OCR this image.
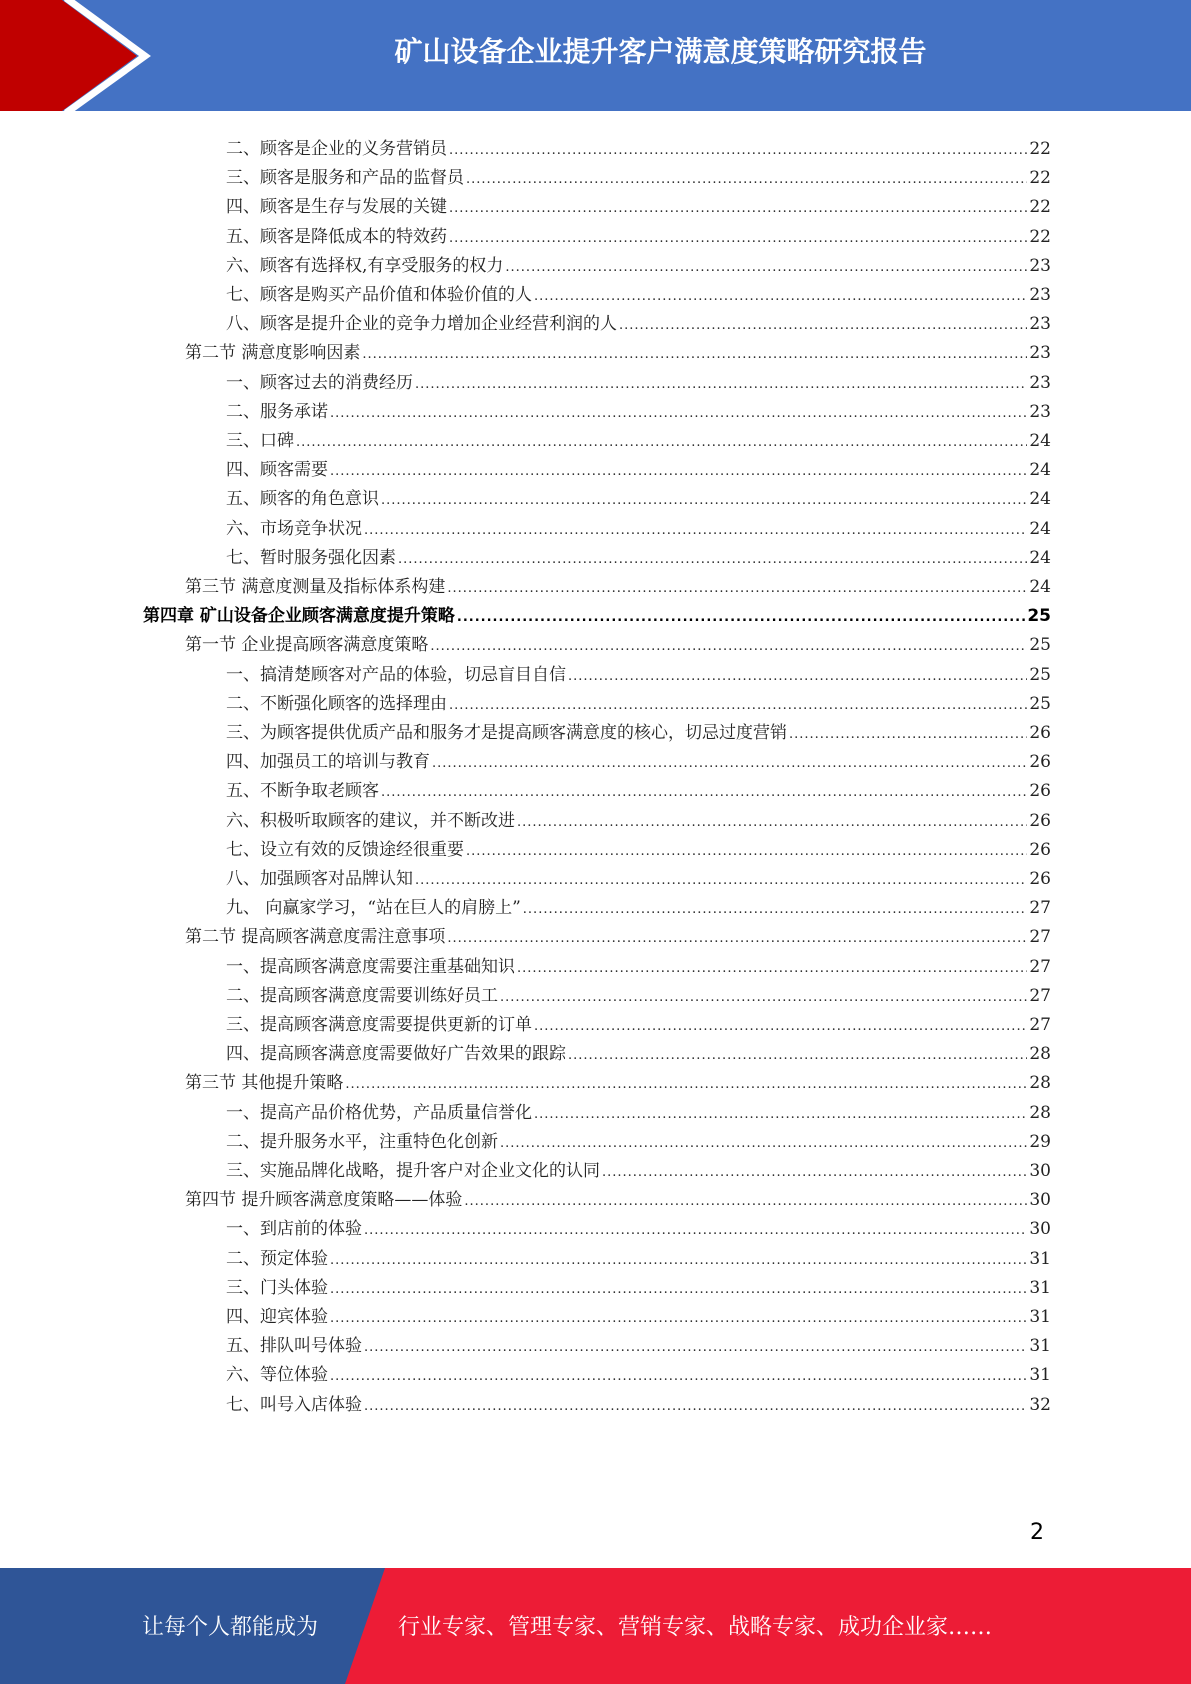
矿山设备企业提升客户满意度策略研究报告
二、顾客是企业的义务营销员 .....	22
三、顾客是服务和产品的监督员 .....	22
四、顾客是生存与发展的关键 .....	22
五、顾客是降低成本的特效药 .....	22
六、顾客有选择权,有享受服务的权力 .....	23
七、顾客是购买产品价值和体验价值的人 .....	23
八、顾客是提升企业的竞争力增加企业经营利润的人 .....	23
第二节 满意度影响因素 .....	23
一、顾客过去的消费经历 .....	23
二、服务承诺 .....	23
三、口碑 .....	24
四、顾客需要 .....	24
五、顾客的角色意识 .....	24
六、市场竞争状况 .....	24
七、暂时服务强化因素 .....	24
第三节 满意度测量及指标体系构建 .....	24
第四章 矿山设备企业顾客满意度提升策略 .....	25
第一节 企业提高顾客满意度策略 .....	25
一、搞清楚顾客对产品的体验，切忌盲目自信 .....	25
二、不断强化顾客的选择理由 .....	25
三、为顾客提供优质产品和服务才是提高顾客满意度的核心，切忌过度营销 .....	26
四、加强员工的培训与教育 .....	26
五、不断争取老顾客 .....	26
六、积极听取顾客的建议，并不断改进 .....	26
七、设立有效的反馈途经很重要 .....	26
八、加强顾客对品牌认知 .....	26
九、 向赢家学习，“站在巨人的肩膀上” .....	27
第二节 提高顾客满意度需注意事项 .....	27
一、提高顾客满意度需要注重基础知识 .....	27
二、提高顾客满意度需要训练好员工 .....	27
三、提高顾客满意度需要提供更新的订单 .....	27
四、提高顾客满意度需要做好广告效果的跟踪 .....	28
第三节 其他提升策略 .....	28
一、提高产品价格优势，产品质量信誉化 .....	28
二、提升服务水平，注重特色化创新 .....	29
三、实施品牌化战略，提升客户对企业文化的认同 .....	30
第四节 提升顾客满意度策略——体验 .....	30
一、到店前的体验 .....	30
二、预定体验 .....	31
三、门头体验 .....	31
四、迎宾体验 .....	31
五、排队叫号体验 .....	31
六、等位体验 .....	31
七、叫号入店体验 .....	32
2
让每个人都能成为	行业专家、管理专家、营销专家、战略专家、成功企业家……
